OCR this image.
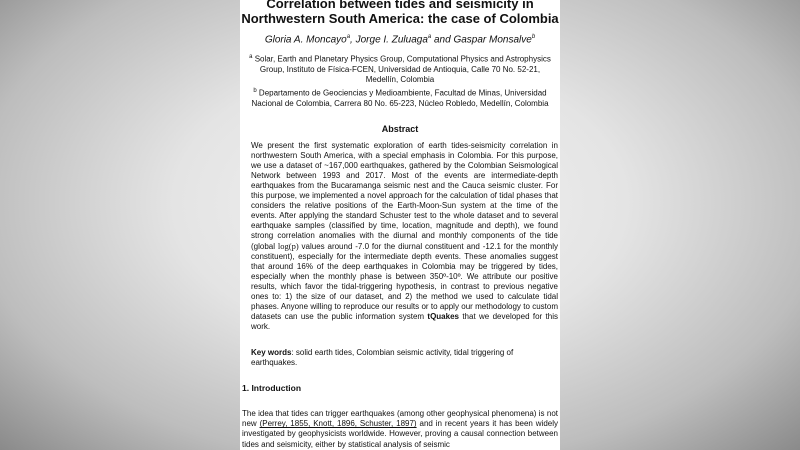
Correlation between tides and seismicity in Northwestern South America: the case of Colombia
Gloria A. Moncayo$^a$, Jorge I. Zuluaga$^a$ and Gaspar Monsalve$^b$
$^a$ Solar, Earth and Planetary Physics Group, Computational Physics and Astrophysics Group, Instituto de Física-FCEN, Universidad de Antioquia, Calle 70 No. 52-21, Medellín, Colombia
$^b$ Departamento de Geociencias y Medioambiente, Facultad de Minas, Universidad Nacional de Colombia, Carrera 80 No. 65-223, Núcleo Robledo, Medellín, Colombia
Abstract
We present the first systematic exploration of earth tides-seismicity correlation in northwestern South America, with a special emphasis in Colombia. For this purpose, we use a dataset of ~167,000 earthquakes, gathered by the Colombian Seismological Network between 1993 and 2017. Most of the events are intermediate-depth earthquakes from the Bucaramanga seismic nest and the Cauca seismic cluster. For this purpose, we implemented a novel approach for the calculation of tidal phases that considers the relative positions of the Earth-Moon-Sun system at the time of the events. After applying the standard Schuster test to the whole dataset and to several earthquake samples (classified by time, location, magnitude and depth), we found strong correlation anomalies with the diurnal and monthly components of the tide (global log(p) values around -7.0 for the diurnal constituent and -12.1 for the monthly constituent), especially for the intermediate depth events. These anomalies suggest that around 16% of the deep earthquakes in Colombia may be triggered by tides, especially when the monthly phase is between 350º-10º. We attribute our positive results, which favor the tidal-triggering hypothesis, in contrast to previous negative ones to: 1) the size of our dataset, and 2) the method we used to calculate tidal phases. Anyone willing to reproduce our results or to apply our methodology to custom datasets can use the public information system tQuakes that we developed for this work.
Key words: solid earth tides, Colombian seismic activity, tidal triggering of earthquakes.
1. Introduction
The idea that tides can trigger earthquakes (among other geophysical phenomena) is not new (Perrey, 1855, Knott, 1896, Schuster, 1897) and in recent years it has been widely investigated by geophysicists worldwide. However, proving a causal connection between tides and seismicity, either by statistical analysis of seismic
